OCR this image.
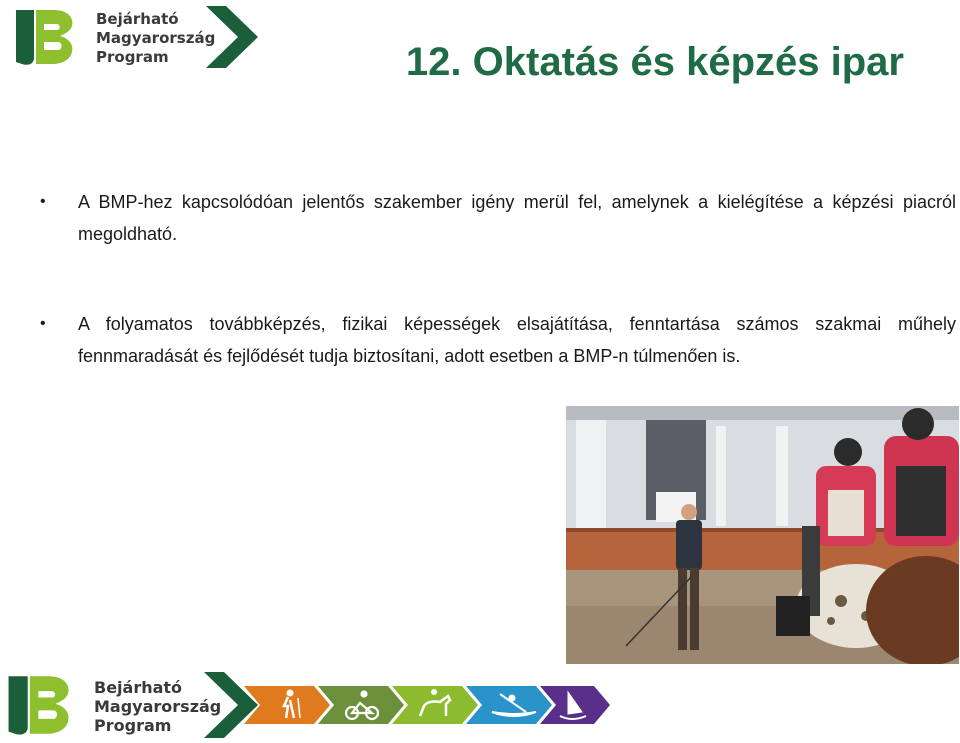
Bejárható
Magyarország
Program	12. Oktatás és képzés ipar
• A BMP-hez kapcsolódóan jelentős szakember igény merül fel, amelynek a kielégítése a képzési piacról megoldható.
• A folyamatos továbbképzés, fizikai képességek elsajátítása, fenntartása számos szakmai műhely fennmaradását és fejlődését tudja biztosítani, adott esetben a BMP-n túlmenően is.
Bejárható
Magyarország
Program
